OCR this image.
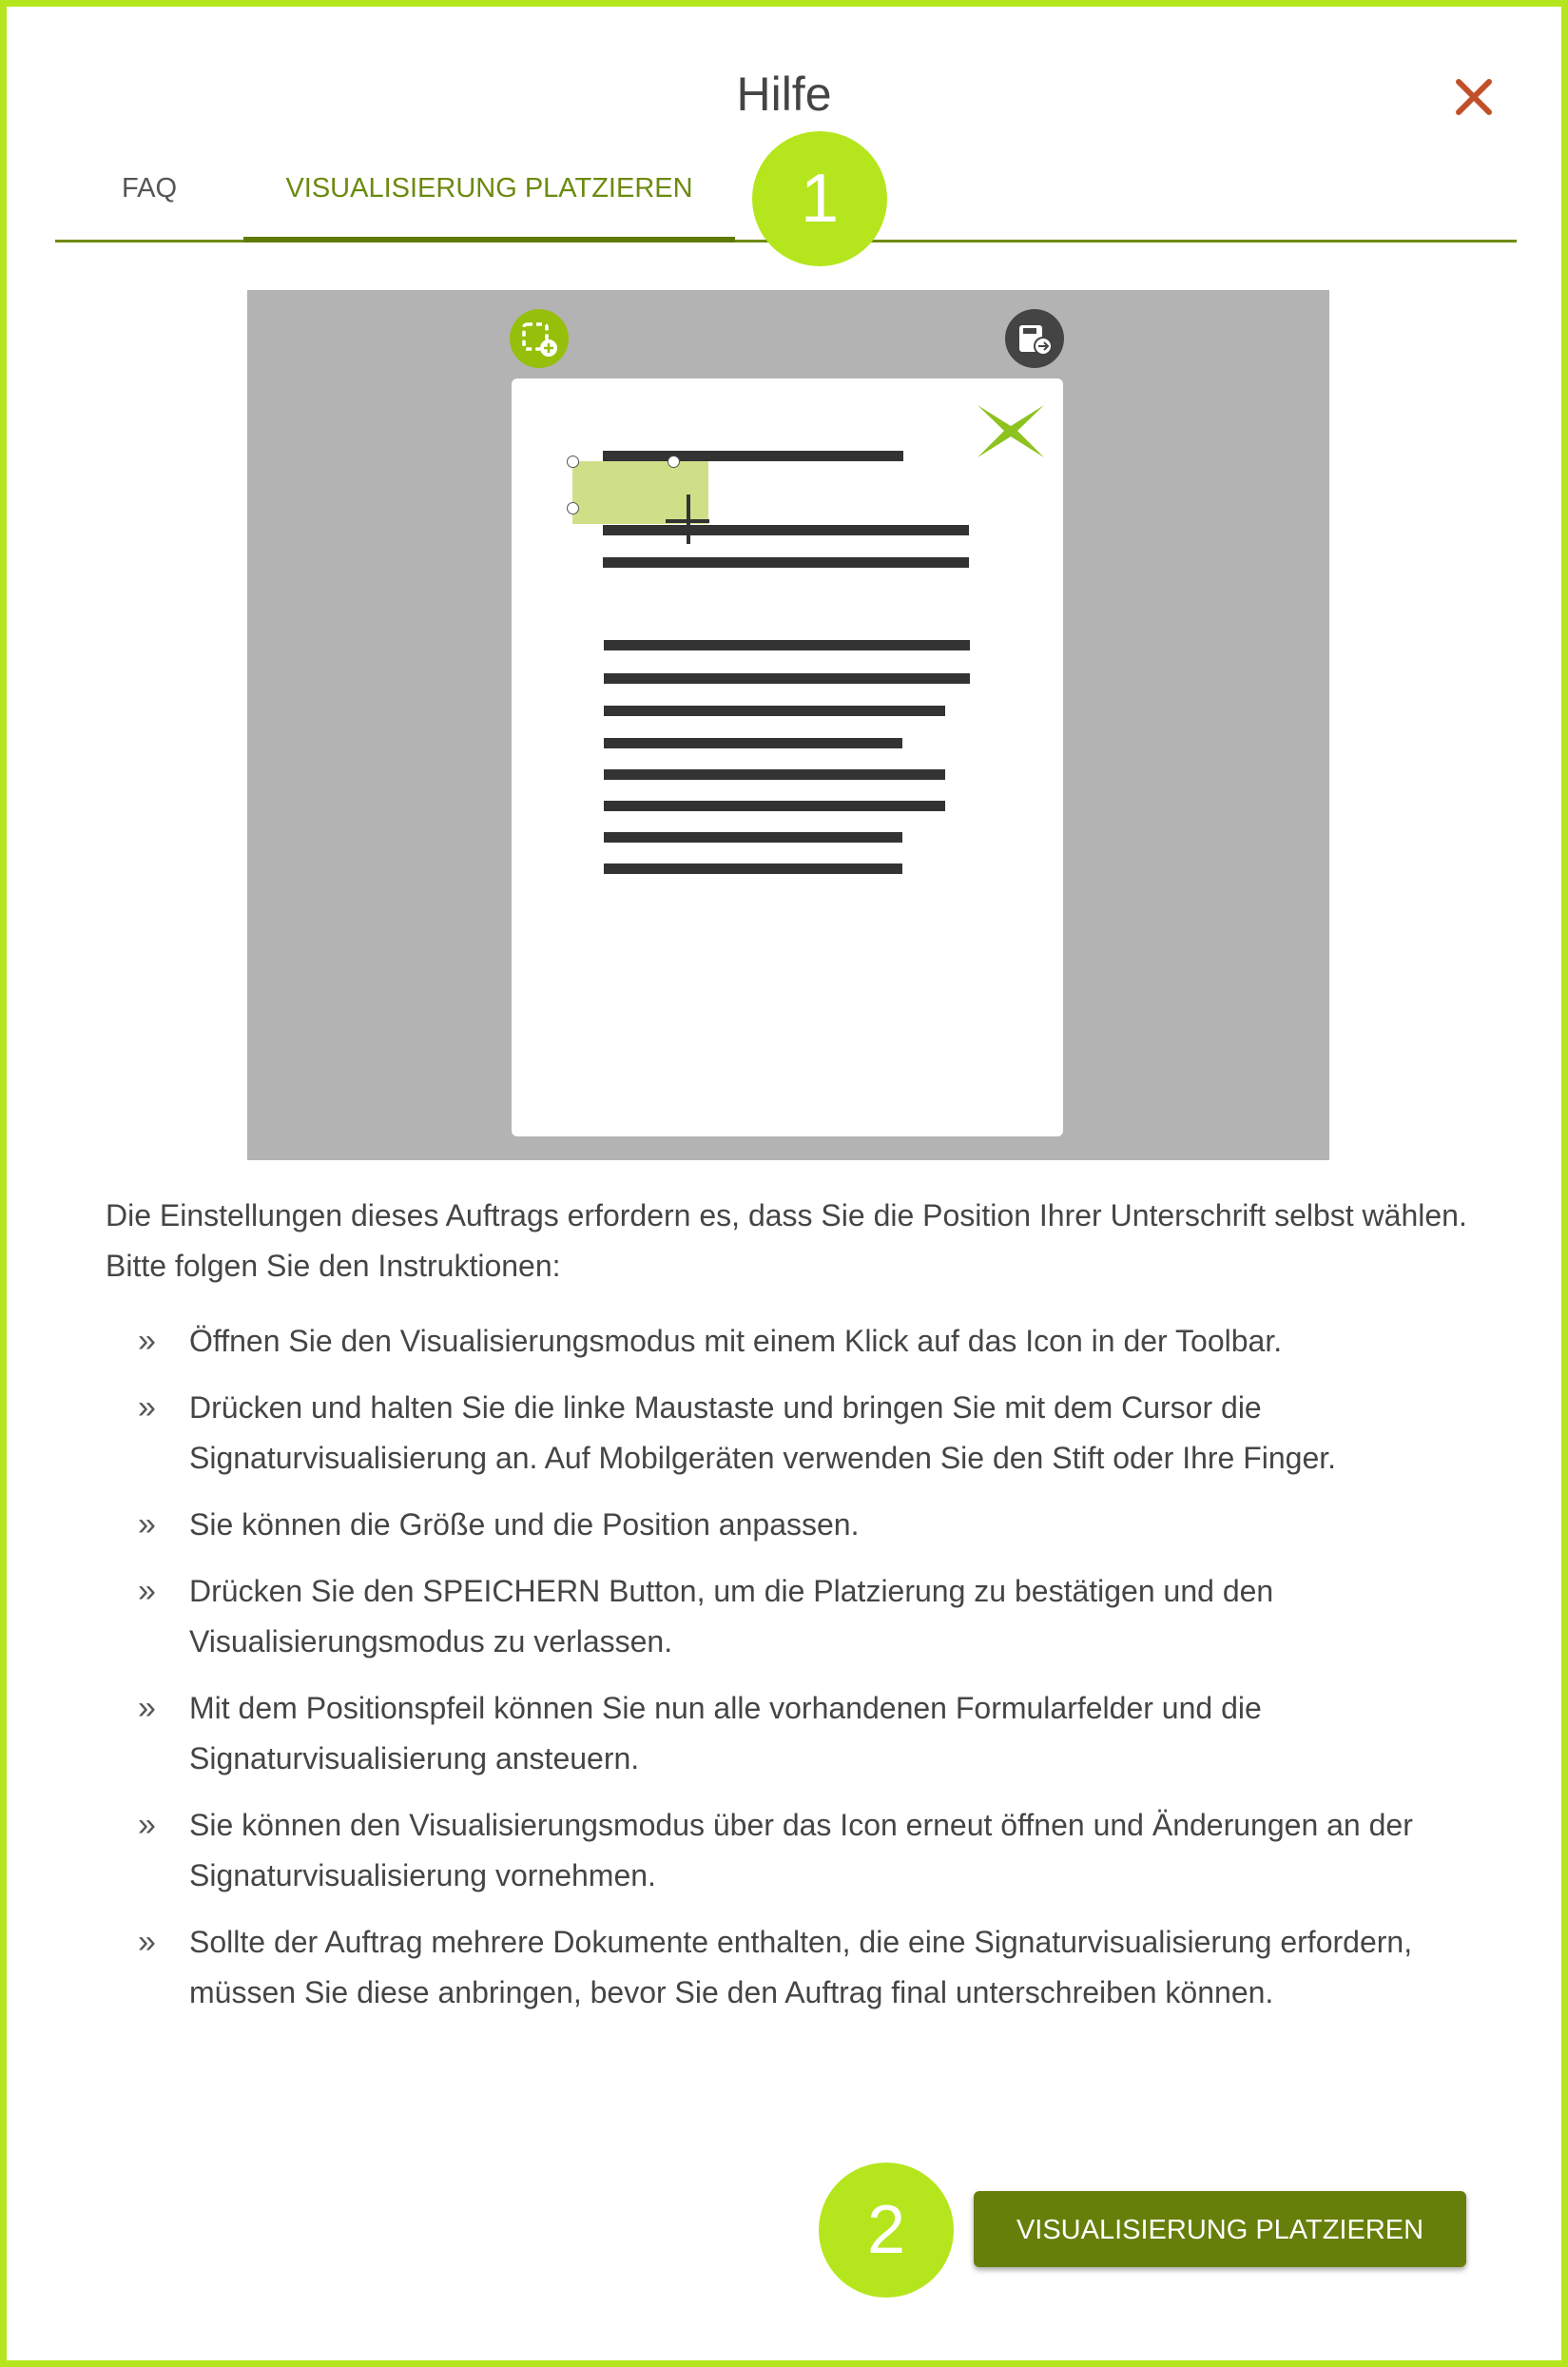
Hilfe
FAQ	VISUALISIERUNG PLATZIEREN	1
Die Einstellungen dieses Auftrags erfordern es, dass Sie die Position Ihrer Unterschrift selbst wählen. Bitte folgen Sie den Instruktionen:
» Öffnen Sie den Visualisierungsmodus mit einem Klick auf das Icon in der Toolbar.
» Drücken und halten Sie die linke Maustaste und bringen Sie mit dem Cursor die Signaturvisualisierung an. Auf Mobilgeräten verwenden Sie den Stift oder Ihre Finger.
» Sie können die Größe und die Position anpassen.
» Drücken Sie den SPEICHERN Button, um die Platzierung zu bestätigen und den Visualisierungsmodus zu verlassen.
» Mit dem Positionspfeil können Sie nun alle vorhandenen Formularfelder und die Signaturvisualisierung ansteuern.
» Sie können den Visualisierungsmodus über das Icon erneut öffnen und Änderungen an der Signaturvisualisierung vornehmen.
» Sollte der Auftrag mehrere Dokumente enthalten, die eine Signaturvisualisierung erfordern, müssen Sie diese anbringen, bevor Sie den Auftrag final unterschreiben können.
2	VISUALISIERUNG PLATZIEREN
